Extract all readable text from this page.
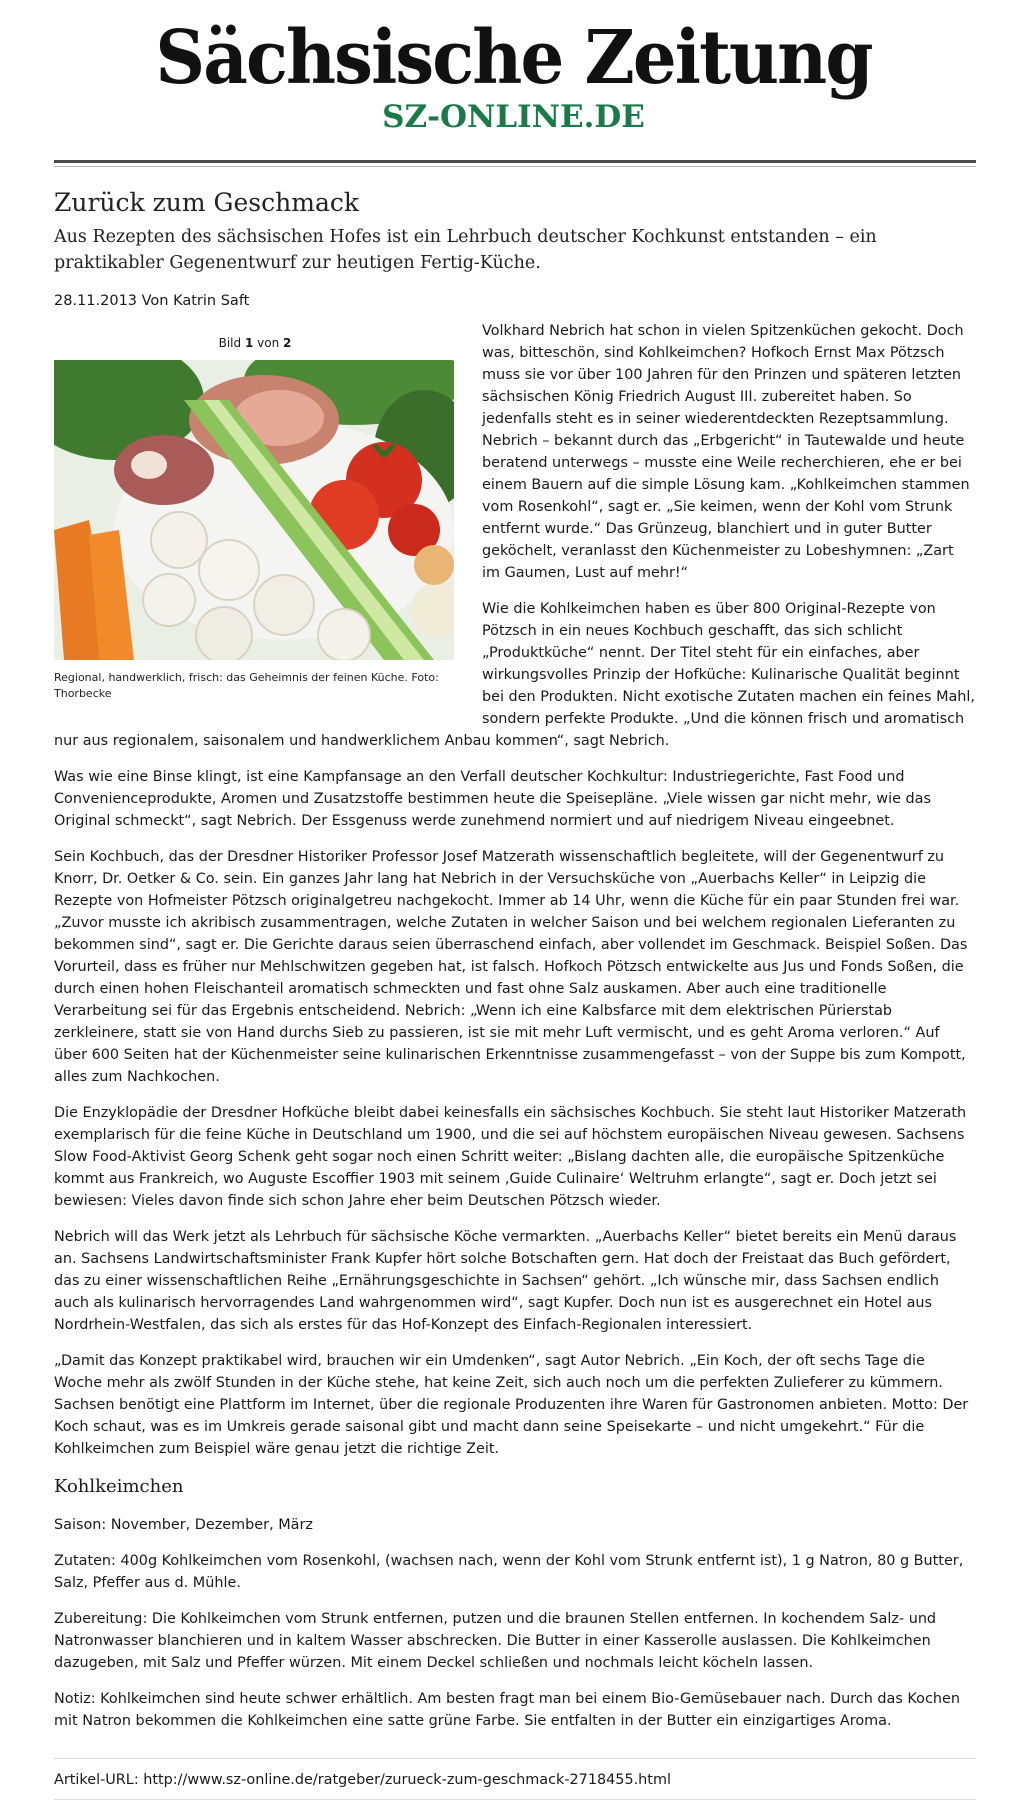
Sächsische Zeitung
SZ-ONLINE.DE
Zurück zum Geschmack
Aus Rezepten des sächsischen Hofes ist ein Lehrbuch deutscher Kochkunst entstanden – ein praktikabler Gegenentwurf zur heutigen Fertig-Küche.
28.11.2013 Von Katrin Saft
Bild 1 von 2
Regional, handwerklich, frisch: das Geheimnis der feinen Küche. Foto: Thorbecke

Volkhard Nebrich hat schon in vielen Spitzenküchen gekocht. Doch was, bitteschön, sind Kohlkeimchen? Hofkoch Ernst Max Pötzsch muss sie vor über 100 Jahren für den Prinzen und späteren letzten sächsischen König Friedrich August III. zubereitet haben. So jedenfalls steht es in seiner wiederentdeckten Rezeptsammlung. Nebrich – bekannt durch das „Erbgericht“ in Tautewalde und heute beratend unterwegs – musste eine Weile recherchieren, ehe er bei einem Bauern auf die simple Lösung kam. „Kohlkeimchen stammen vom Rosenkohl“, sagt er. „Sie keimen, wenn der Kohl vom Strunk entfernt wurde.“ Das Grünzeug, blanchiert und in guter Butter geköchelt, veranlasst den Küchenmeister zu Lobeshymnen: „Zart im Gaumen, Lust auf mehr!“

Wie die Kohlkeimchen haben es über 800 Original-Rezepte von Pötzsch in ein neues Kochbuch geschafft, das sich schlicht „Produktküche“ nennt. Der Titel steht für ein einfaches, aber wirkungsvolles Prinzip der Hofküche: Kulinarische Qualität beginnt bei den Produkten. Nicht exotische Zutaten machen ein feines Mahl, sondern perfekte Produkte. „Und die können frisch und aromatisch nur aus regionalem, saisonalem und handwerklichem Anbau kommen“, sagt Nebrich.

Was wie eine Binse klingt, ist eine Kampfansage an den Verfall deutscher Kochkultur: Industriegerichte, Fast Food und Convenienceprodukte, Aromen und Zusatzstoffe bestimmen heute die Speisepläne. „Viele wissen gar nicht mehr, wie das Original schmeckt“, sagt Nebrich. Der Essgenuss werde zunehmend normiert und auf niedrigem Niveau eingeebnet.

Sein Kochbuch, das der Dresdner Historiker Professor Josef Matzerath wissenschaftlich begleitete, will der Gegenentwurf zu Knorr, Dr. Oetker & Co. sein. Ein ganzes Jahr lang hat Nebrich in der Versuchsküche von „Auerbachs Keller“ in Leipzig die Rezepte von Hofmeister Pötzsch originalgetreu nachgekocht. Immer ab 14 Uhr, wenn die Küche für ein paar Stunden frei war. „Zuvor musste ich akribisch zusammentragen, welche Zutaten in welcher Saison und bei welchem regionalen Lieferanten zu bekommen sind“, sagt er. Die Gerichte daraus seien überraschend einfach, aber vollendet im Geschmack. Beispiel Soßen. Das Vorurteil, dass es früher nur Mehlschwitzen gegeben hat, ist falsch. Hofkoch Pötzsch entwickelte aus Jus und Fonds Soßen, die durch einen hohen Fleischanteil aromatisch schmeckten und fast ohne Salz auskamen. Aber auch eine traditionelle Verarbeitung sei für das Ergebnis entscheidend. Nebrich: „Wenn ich eine Kalbsfarce mit dem elektrischen Pürierstab zerkleinere, statt sie von Hand durchs Sieb zu passieren, ist sie mit mehr Luft vermischt, und es geht Aroma verloren.“ Auf über 600 Seiten hat der Küchenmeister seine kulinarischen Erkenntnisse zusammengefasst – von der Suppe bis zum Kompott, alles zum Nachkochen.

Die Enzyklopädie der Dresdner Hofküche bleibt dabei keinesfalls ein sächsisches Kochbuch. Sie steht laut Historiker Matzerath exemplarisch für die feine Küche in Deutschland um 1900, und die sei auf höchstem europäischen Niveau gewesen. Sachsens Slow Food-Aktivist Georg Schenk geht sogar noch einen Schritt weiter: „Bislang dachten alle, die europäische Spitzenküche kommt aus Frankreich, wo Auguste Escoffier 1903 mit seinem ‚Guide Culinaire‘ Weltruhm erlangte“, sagt er. Doch jetzt sei bewiesen: Vieles davon finde sich schon Jahre eher beim Deutschen Pötzsch wieder.

Nebrich will das Werk jetzt als Lehrbuch für sächsische Köche vermarkten. „Auerbachs Keller“ bietet bereits ein Menü daraus an. Sachsens Landwirtschaftsminister Frank Kupfer hört solche Botschaften gern. Hat doch der Freistaat das Buch gefördert, das zu einer wissenschaftlichen Reihe „Ernährungsgeschichte in Sachsen“ gehört. „Ich wünsche mir, dass Sachsen endlich auch als kulinarisch hervorragendes Land wahrgenommen wird“, sagt Kupfer. Doch nun ist es ausgerechnet ein Hotel aus Nordrhein-Westfalen, das sich als erstes für das Hof-Konzept des Einfach-Regionalen interessiert.

„Damit das Konzept praktikabel wird, brauchen wir ein Umdenken“, sagt Autor Nebrich. „Ein Koch, der oft sechs Tage die Woche mehr als zwölf Stunden in der Küche stehe, hat keine Zeit, sich auch noch um die perfekten Zulieferer zu kümmern. Sachsen benötigt eine Plattform im Internet, über die regionale Produzenten ihre Waren für Gastronomen anbieten. Motto: Der Koch schaut, was es im Umkreis gerade saisonal gibt und macht dann seine Speisekarte – und nicht umgekehrt.“ Für die Kohlkeimchen zum Beispiel wäre genau jetzt die richtige Zeit.

Kohlkeimchen

Saison: November, Dezember, März

Zutaten: 400g Kohlkeimchen vom Rosenkohl, (wachsen nach, wenn der Kohl vom Strunk entfernt ist), 1 g Natron, 80 g Butter, Salz, Pfeffer aus d. Mühle.

Zubereitung: Die Kohlkeimchen vom Strunk entfernen, putzen und die braunen Stellen entfernen. In kochendem Salz- und Natronwasser blanchieren und in kaltem Wasser abschrecken. Die Butter in einer Kasserolle auslassen. Die Kohlkeimchen dazugeben, mit Salz und Pfeffer würzen. Mit einem Deckel schließen und nochmals leicht köcheln lassen.

Notiz: Kohlkeimchen sind heute schwer erhältlich. Am besten fragt man bei einem Bio-Gemüsebauer nach. Durch das Kochen mit Natron bekommen die Kohlkeimchen eine satte grüne Farbe. Sie entfalten in der Butter ein einzigartiges Aroma.

Artikel-URL: http://www.sz-online.de/ratgeber/zurueck-zum-geschmack-2718455.html
